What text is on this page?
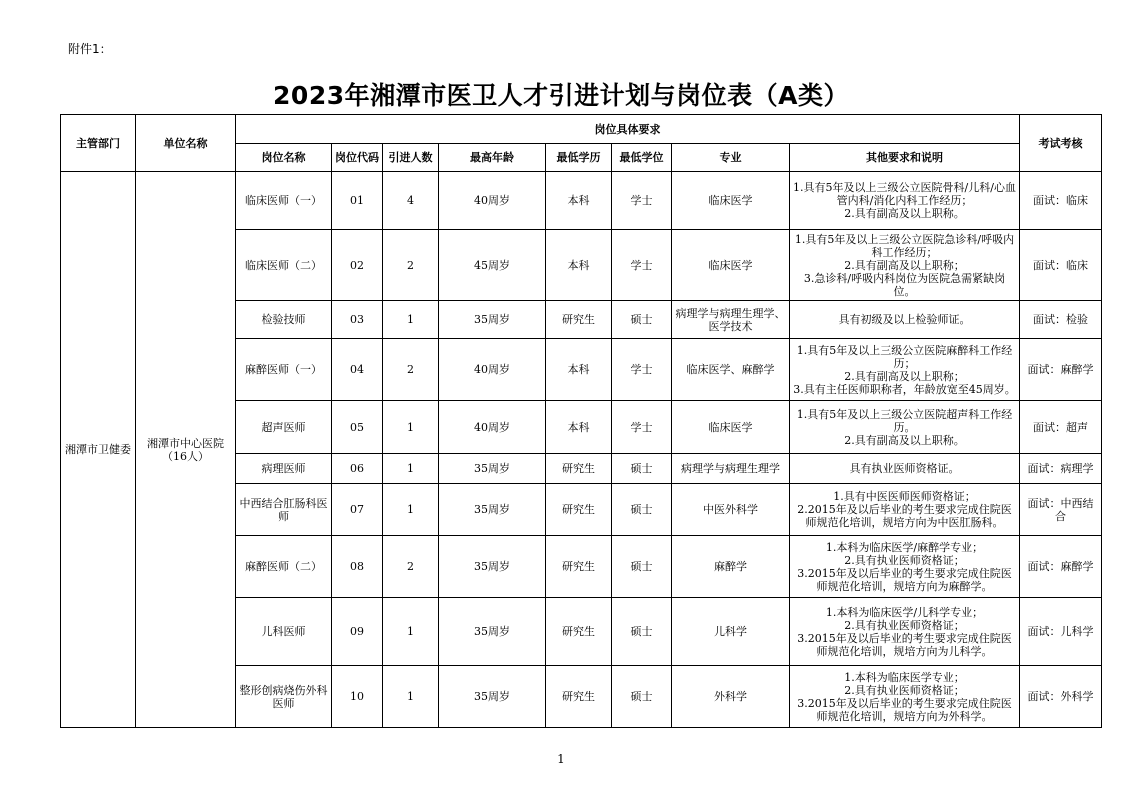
附件1：
2023年湘潭市医卫人才引进计划与岗位表（A类）
主管部门	单位名称	岗位具体要求								考试考核
		岗位名称	岗位代码	引进人数	最高年龄	最低学历	最低学位	专业	其他要求和说明	
湘潭市卫健委	湘潭市中心医院（16人）	临床医师（一）	01	4	40周岁	本科	学士	临床医学	1.具有5年及以上三级公立医院骨科/儿科/心血管内科/消化内科工作经历；
2.具有副高及以上职称。	面试：临床
		临床医师（二）	02	2	45周岁	本科	学士	临床医学	1.具有5年及以上三级公立医院急诊科/呼吸内科工作经历；
2.具有副高及以上职称；
3.急诊科/呼吸内科岗位为医院急需紧缺岗位。	面试：临床
		检验技师	03	1	35周岁	研究生	硕士	病理学与病理生理学、医学技术	具有初级及以上检验师证。	面试：检验
		麻醉医师（一）	04	2	40周岁	本科	学士	临床医学、麻醉学	1.具有5年及以上三级公立医院麻醉科工作经历；
2.具有副高及以上职称；
3.具有主任医师职称者，年龄放宽至45周岁。	面试：麻醉学
		超声医师	05	1	40周岁	本科	学士	临床医学	1.具有5年及以上三级公立医院超声科工作经历。
2.具有副高及以上职称。	面试：超声
		病理医师	06	1	35周岁	研究生	硕士	病理学与病理生理学	具有执业医师资格证。	面试：病理学
		中西结合肛肠科医师	07	1	35周岁	研究生	硕士	中医外科学	1.具有中医医师医师资格证；
2.2015年及以后毕业的考生要求完成住院医师规范化培训，规培方向为中医肛肠科。	面试：中西结合
		麻醉医师（二）	08	2	35周岁	研究生	硕士	麻醉学	1.本科为临床医学/麻醉学专业；
2.具有执业医师资格证；
3.2015年及以后毕业的考生要求完成住院医师规范化培训，规培方向为麻醉学。	面试：麻醉学
		儿科医师	09	1	35周岁	研究生	硕士	儿科学	1.本科为临床医学/儿科学专业；
2.具有执业医师资格证；
3.2015年及以后毕业的考生要求完成住院医师规范化培训，规培方向为儿科学。	面试：儿科学
		整形创病烧伤外科医师	10	1	35周岁	研究生	硕士	外科学	1.本科为临床医学专业；
2.具有执业医师资格证；
3.2015年及以后毕业的考生要求完成住院医师规范化培训，规培方向为外科学。	面试：外科学
1
